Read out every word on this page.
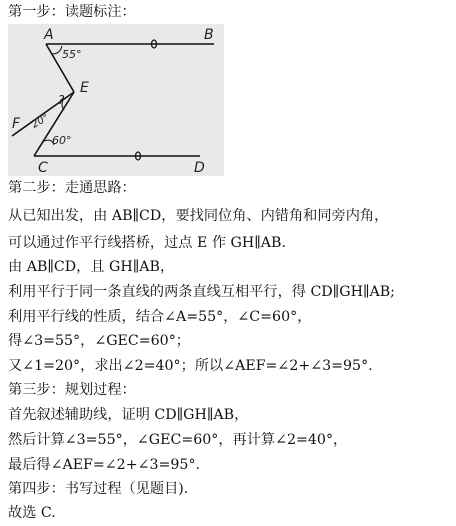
第一步：读题标注：
A	B
E
F
C	D
55°
20°
60°
?
第二步：走通思路：
从已知出发，由 AB∥CD，要找同位角、内错角和同旁内角，
可以通过作平行线搭桥，过点 E 作 GH∥AB.
由 AB∥CD，且 GH∥AB，
利用平行于同一条直线的两条直线互相平行，得 CD∥GH∥AB;
利用平行线的性质，结合∠A=55°，∠C=60°，
得∠3=55°，∠GEC=60°；
又∠1=20°，求出∠2=40°；所以∠AEF=∠2+∠3=95°.
第三步：规划过程：
首先叙述辅助线，证明 CD∥GH∥AB，
然后计算∠3=55°，∠GEC=60°，再计算∠2=40°，
最后得∠AEF=∠2+∠3=95°.
第四步：书写过程（见题目).
故选 C.
